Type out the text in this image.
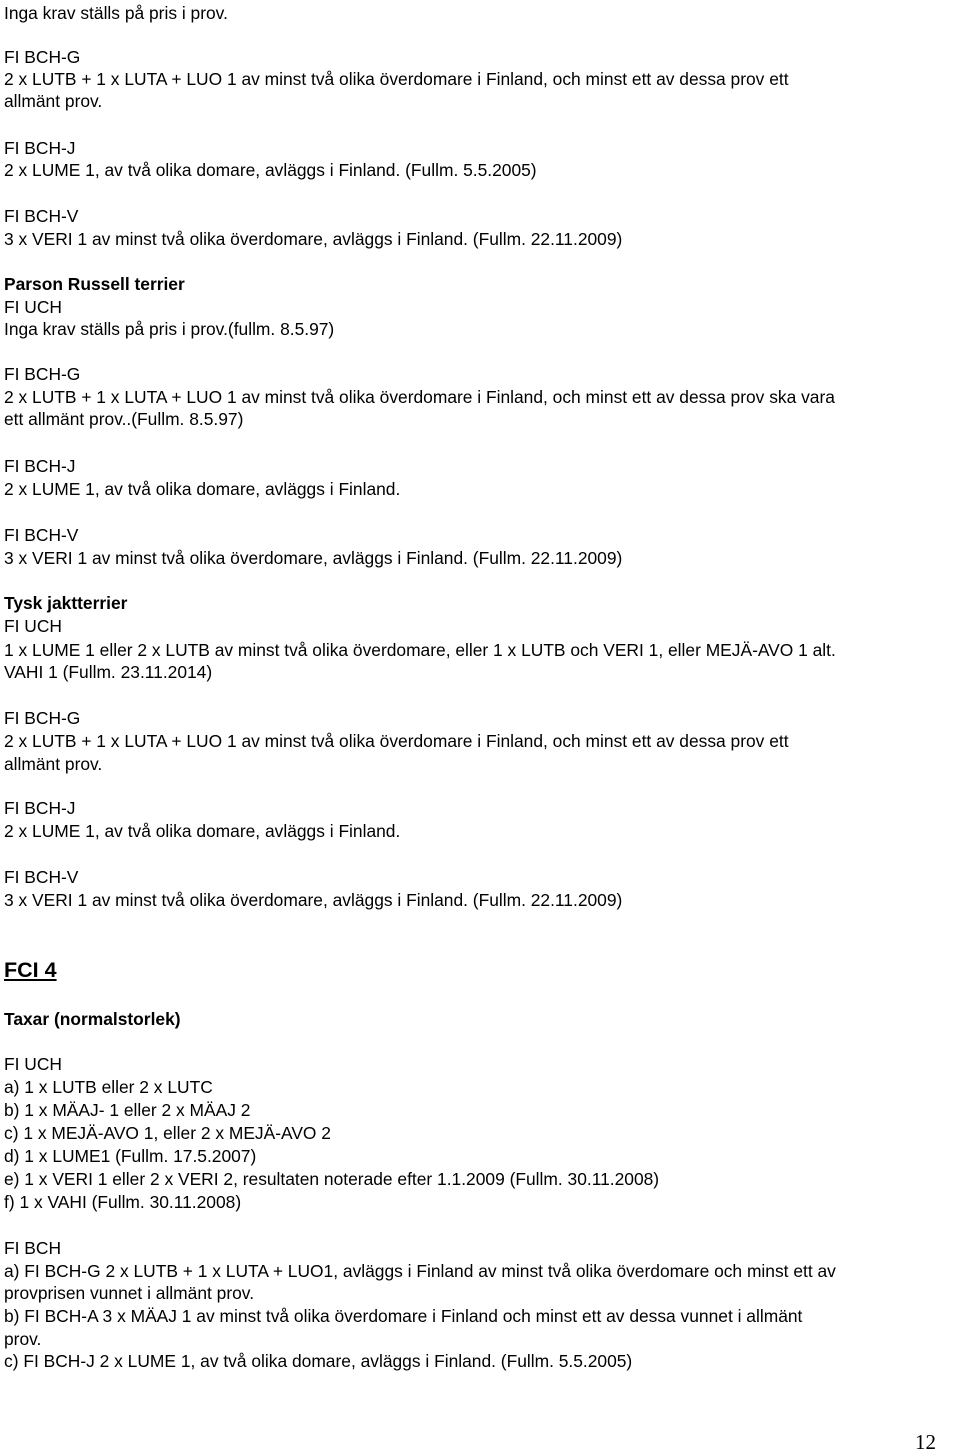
Inga krav ställs på pris i prov.
FI BCH-G
2 x LUTB + 1 x LUTA + LUO 1 av minst två olika överdomare i Finland, och minst ett av dessa prov ett
allmänt prov.
FI BCH-J
2 x LUME 1, av två olika domare, avläggs i Finland. (Fullm. 5.5.2005)
FI BCH-V
3 x VERI 1 av minst två olika överdomare, avläggs i Finland. (Fullm. 22.11.2009)
Parson Russell terrier
FI UCH
Inga krav ställs på pris i prov.(fullm. 8.5.97)
FI BCH-G
2 x LUTB + 1 x LUTA + LUO 1 av minst två olika överdomare i Finland, och minst ett av dessa prov ska vara
ett allmänt prov..(Fullm. 8.5.97)
FI BCH-J
2 x LUME 1, av två olika domare, avläggs i Finland.
FI BCH-V
3 x VERI 1 av minst två olika överdomare, avläggs i Finland. (Fullm. 22.11.2009)
Tysk jaktterrier
FI UCH
1 x LUME 1 eller 2 x LUTB av minst två olika överdomare, eller 1 x LUTB och VERI 1, eller MEJÄ-AVO 1 alt.
VAHI 1 (Fullm. 23.11.2014)
FI BCH-G
2 x LUTB + 1 x LUTA + LUO 1 av minst två olika överdomare i Finland, och minst ett av dessa prov ett
allmänt prov.
FI BCH-J
2 x LUME 1, av två olika domare, avläggs i Finland.
FI BCH-V
3 x VERI 1 av minst två olika överdomare, avläggs i Finland. (Fullm. 22.11.2009)
FCI 4
Taxar (normalstorlek)
FI UCH
a) 1 x LUTB eller 2 x LUTC
b) 1 x MÄAJ- 1 eller 2 x MÄAJ 2
c) 1 x MEJÄ-AVO 1, eller 2 x MEJÄ-AVO 2
d) 1 x LUME1 (Fullm. 17.5.2007)
e) 1 x VERI 1 eller 2 x VERI 2, resultaten noterade efter 1.1.2009 (Fullm. 30.11.2008)
f) 1 x VAHI (Fullm. 30.11.2008)
FI BCH
a) FI BCH-G 2 x LUTB + 1 x LUTA + LUO1, avläggs i Finland av minst två olika överdomare och minst ett av
provprisen vunnet i allmänt prov.
b) FI BCH-A 3 x MÄAJ 1 av minst två olika överdomare i Finland och minst ett av dessa vunnet i allmänt
prov.
c) FI BCH-J 2 x LUME 1, av två olika domare, avläggs i Finland. (Fullm. 5.5.2005)
12
